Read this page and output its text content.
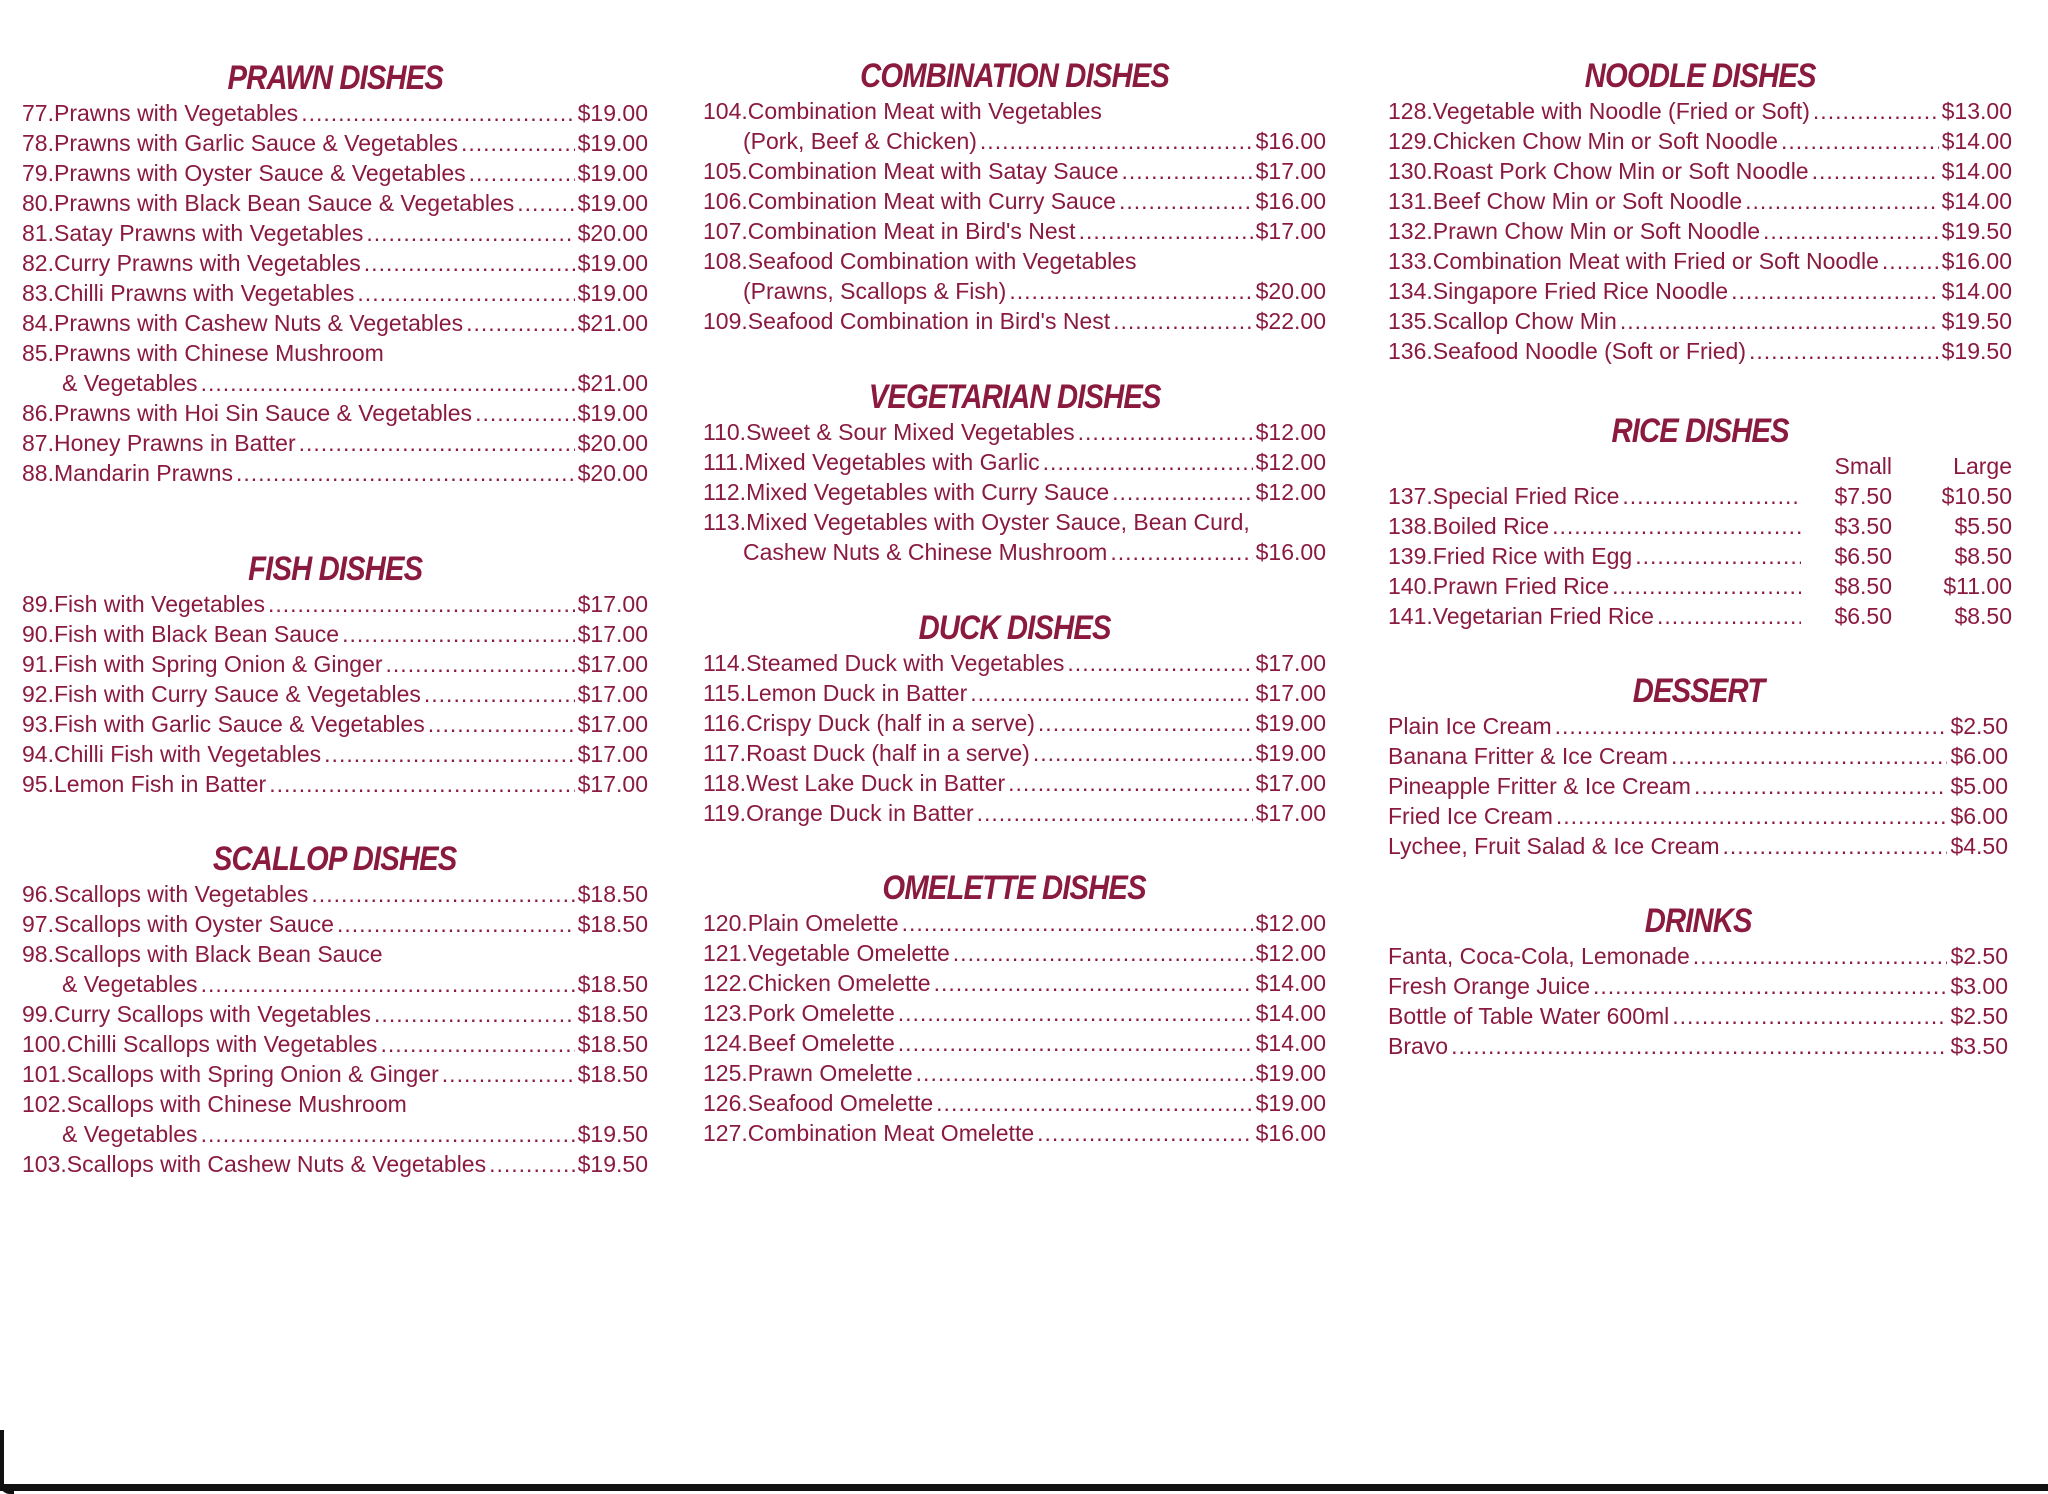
PRAWN DISHES
77. Prawns with Vegetables .....	$19.00
78. Prawns with Garlic Sauce & Vegetables .....	$19.00
79. Prawns with Oyster Sauce & Vegetables .....	$19.00
80. Prawns with Black Bean Sauce & Vegetables .....	$19.00
81. Satay Prawns with Vegetables .....	$20.00
82. Curry Prawns with Vegetables .....	$19.00
83. Chilli Prawns with Vegetables .....	$19.00
84. Prawns with Cashew Nuts & Vegetables .....	$21.00
85. Prawns with Chinese Mushroom
& Vegetables .....	$21.00
86. Prawns with Hoi Sin Sauce & Vegetables .....	$19.00
87. Honey Prawns in Batter .....	$20.00
88. Mandarin Prawns .....	$20.00
FISH DISHES
89. Fish with Vegetables .....	$17.00
90. Fish with Black Bean Sauce .....	$17.00
91. Fish with Spring Onion & Ginger .....	$17.00
92. Fish with Curry Sauce & Vegetables .....	$17.00
93. Fish with Garlic Sauce & Vegetables .....	$17.00
94. Chilli Fish with Vegetables .....	$17.00
95. Lemon Fish in Batter .....	$17.00
SCALLOP DISHES
96. Scallops with Vegetables .....	$18.50
97. Scallops with Oyster Sauce .....	$18.50
98. Scallops with Black Bean Sauce
& Vegetables .....	$18.50
99. Curry Scallops with Vegetables .....	$18.50
100. Chilli Scallops with Vegetables .....	$18.50
101. Scallops with Spring Onion & Ginger .....	$18.50
102. Scallops with Chinese Mushroom
& Vegetables .....	$19.50
103. Scallops with Cashew Nuts & Vegetables .....	$19.50
COMBINATION DISHES
104. Combination Meat with Vegetables
(Pork, Beef & Chicken) .....	$16.00
105. Combination Meat with Satay Sauce .....	$17.00
106. Combination Meat with Curry Sauce .....	$16.00
107. Combination Meat in Bird's Nest .....	$17.00
108. Seafood Combination with Vegetables
(Prawns, Scallops & Fish) .....	$20.00
109. Seafood Combination in Bird's Nest .....	$22.00
VEGETARIAN DISHES
110. Sweet & Sour Mixed Vegetables .....	$12.00
111. Mixed Vegetables with Garlic .....	$12.00
112. Mixed Vegetables with Curry Sauce .....	$12.00
113. Mixed Vegetables with Oyster Sauce, Bean Curd,
Cashew Nuts & Chinese Mushroom .....	$16.00
DUCK DISHES
114. Steamed Duck with Vegetables .....	$17.00
115. Lemon Duck in Batter .....	$17.00
116. Crispy Duck (half in a serve) .....	$19.00
117. Roast Duck (half in a serve) .....	$19.00
118. West Lake Duck in Batter .....	$17.00
119. Orange Duck in Batter .....	$17.00
OMELETTE DISHES
120. Plain Omelette .....	$12.00
121. Vegetable Omelette .....	$12.00
122. Chicken Omelette .....	$14.00
123. Pork Omelette .....	$14.00
124. Beef Omelette .....	$14.00
125. Prawn Omelette .....	$19.00
126. Seafood Omelette .....	$19.00
127. Combination Meat Omelette .....	$16.00
NOODLE DISHES
128. Vegetable with Noodle (Fried or Soft) .....	$13.00
129. Chicken Chow Min or Soft Noodle .....	$14.00
130. Roast Pork Chow Min or Soft Noodle .....	$14.00
131. Beef Chow Min or Soft Noodle .....	$14.00
132. Prawn Chow Min or Soft Noodle .....	$19.50
133. Combination Meat with Fried or Soft Noodle .....	$16.00
134. Singapore Fried Rice Noodle .....	$14.00
135. Scallop Chow Min .....	$19.50
136. Seafood Noodle (Soft or Fried) .....	$19.50
DESSERT
Plain Ice Cream .....	$2.50
Banana Fritter & Ice Cream .....	$6.00
Pineapple Fritter & Ice Cream .....	$5.00
Fried Ice Cream .....	$6.00
Lychee, Fruit Salad & Ice Cream .....	$4.50
DRINKS
Fanta, Coca-Cola, Lemonade .....	$2.50
Fresh Orange Juice .....	$3.00
Bottle of Table Water 600ml .....	$2.50
Bravo .....	$3.50
RICE DISHES
Small	Large
137. Special Fried Rice .....	$7.50	$10.50
138. Boiled Rice .....	$3.50	$5.50
139. Fried Rice with Egg .....	$6.50	$8.50
140. Prawn Fried Rice .....	$8.50	$11.00
141. Vegetarian Fried Rice .....	$6.50	$8.50
